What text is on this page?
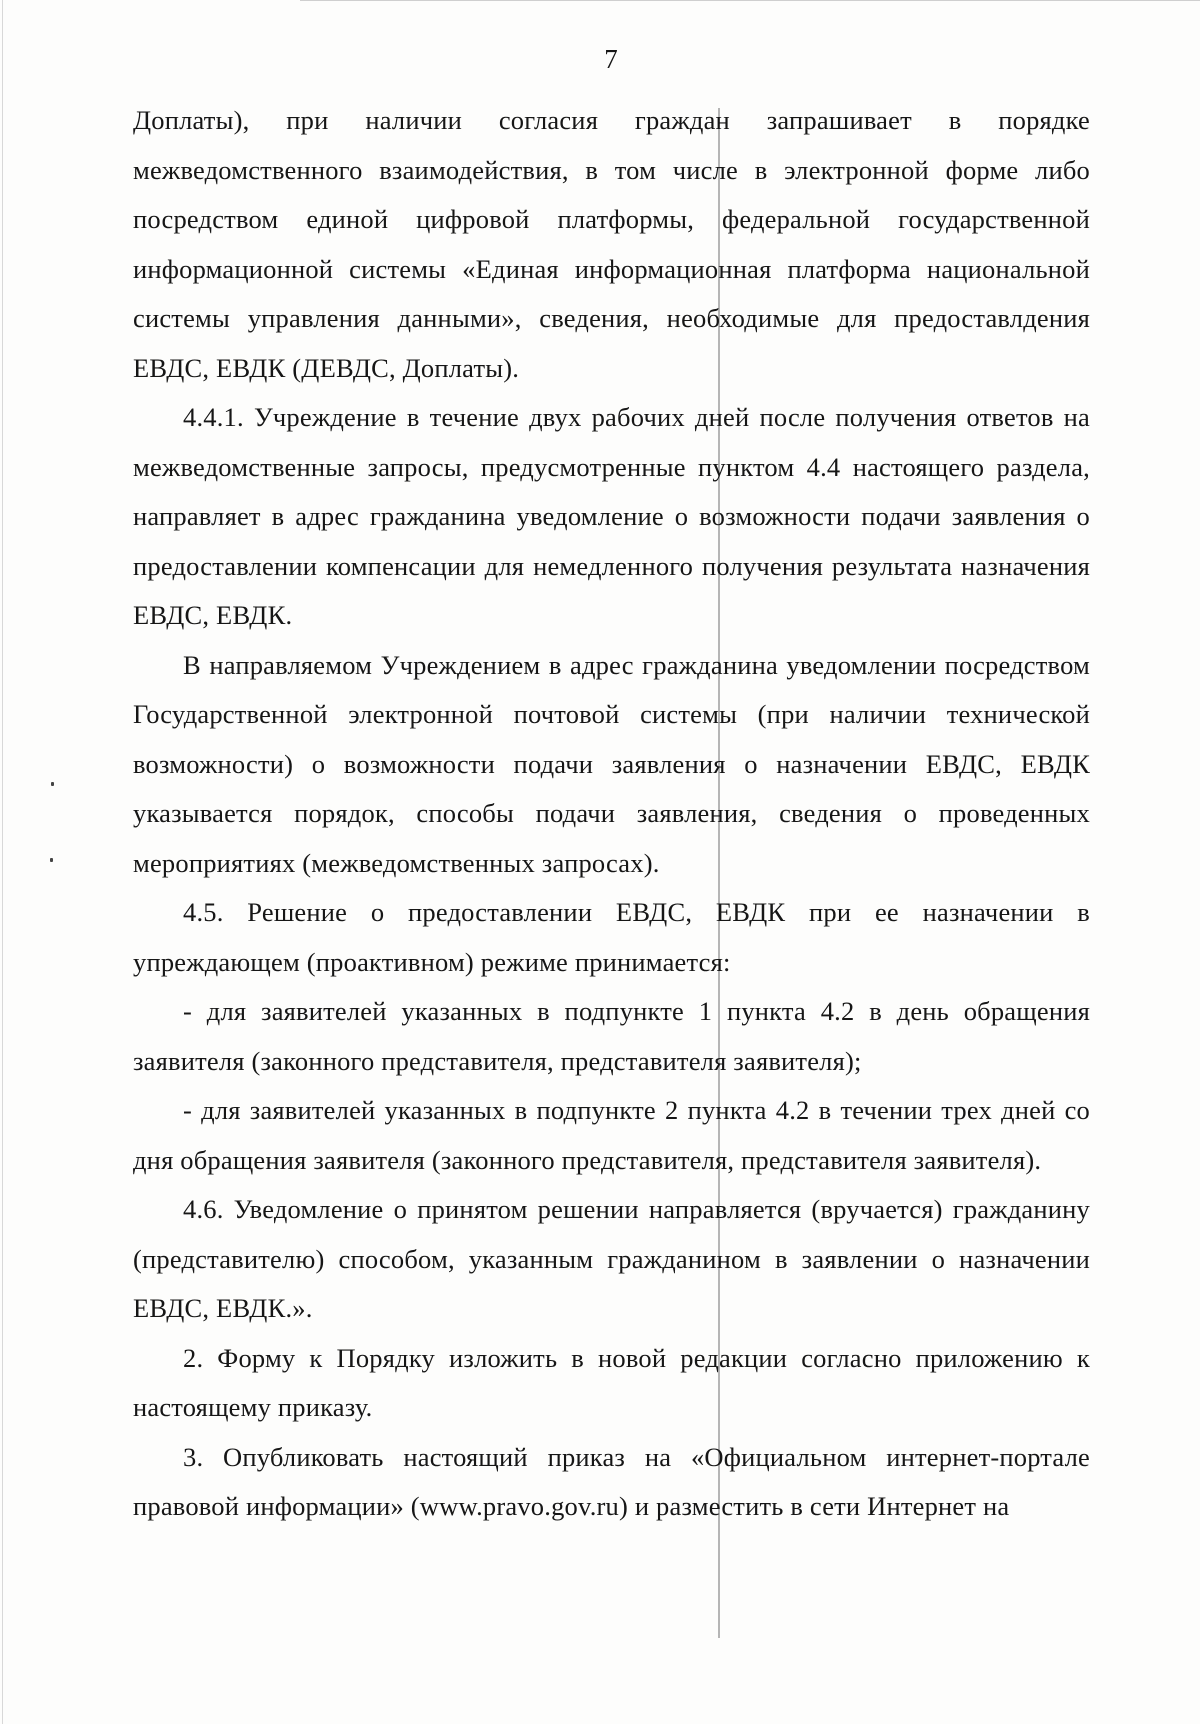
7

Доплаты), при наличии согласия граждан запрашивает в порядке межведомственного взаимодействия, в том числе в электронной форме либо посредством единой цифровой платформы, федеральной государственной информационной системы «Единая информационная платформа национальной системы управления данными», сведения, необходимые для предоставлдения ЕВДС, ЕВДК (ДЕВДС, Доплаты).

4.4.1. Учреждение в течение двух рабочих дней после получения ответов на межведомственные запросы, предусмотренные пунктом 4.4 настоящего раздела, направляет в адрес гражданина уведомление о возможности подачи заявления о предоставлении компенсации для немедленного получения результата назначения ЕВДС, ЕВДК.

В направляемом Учреждением в адрес гражданина уведомлении посредством Государственной электронной почтовой системы (при наличии технической возможности) о возможности подачи заявления о назначении ЕВДС, ЕВДК указывается порядок, способы подачи заявления, сведения о проведенных мероприятиях (межведомственных запросах).

4.5. Решение о предоставлении ЕВДС, ЕВДК при ее назначении в упреждающем (проактивном) режиме принимается:

- для заявителей указанных в подпункте 1 пункта 4.2 в день обращения заявителя (законного представителя, представителя заявителя);

- для заявителей указанных в подпункте 2 пункта 4.2 в течении трех дней со дня обращения заявителя (законного представителя, представителя заявителя).

4.6. Уведомление о принятом решении направляется (вручается) гражданину (представителю) способом, указанным гражданином в заявлении о назначении ЕВДС, ЕВДК.».

2. Форму к Порядку изложить в новой редакции согласно приложению к настоящему приказу.

3. Опубликовать настоящий приказ на «Официальном интернет-портале правовой информации» (www.pravo.gov.ru) и разместить в сети Интернет на
